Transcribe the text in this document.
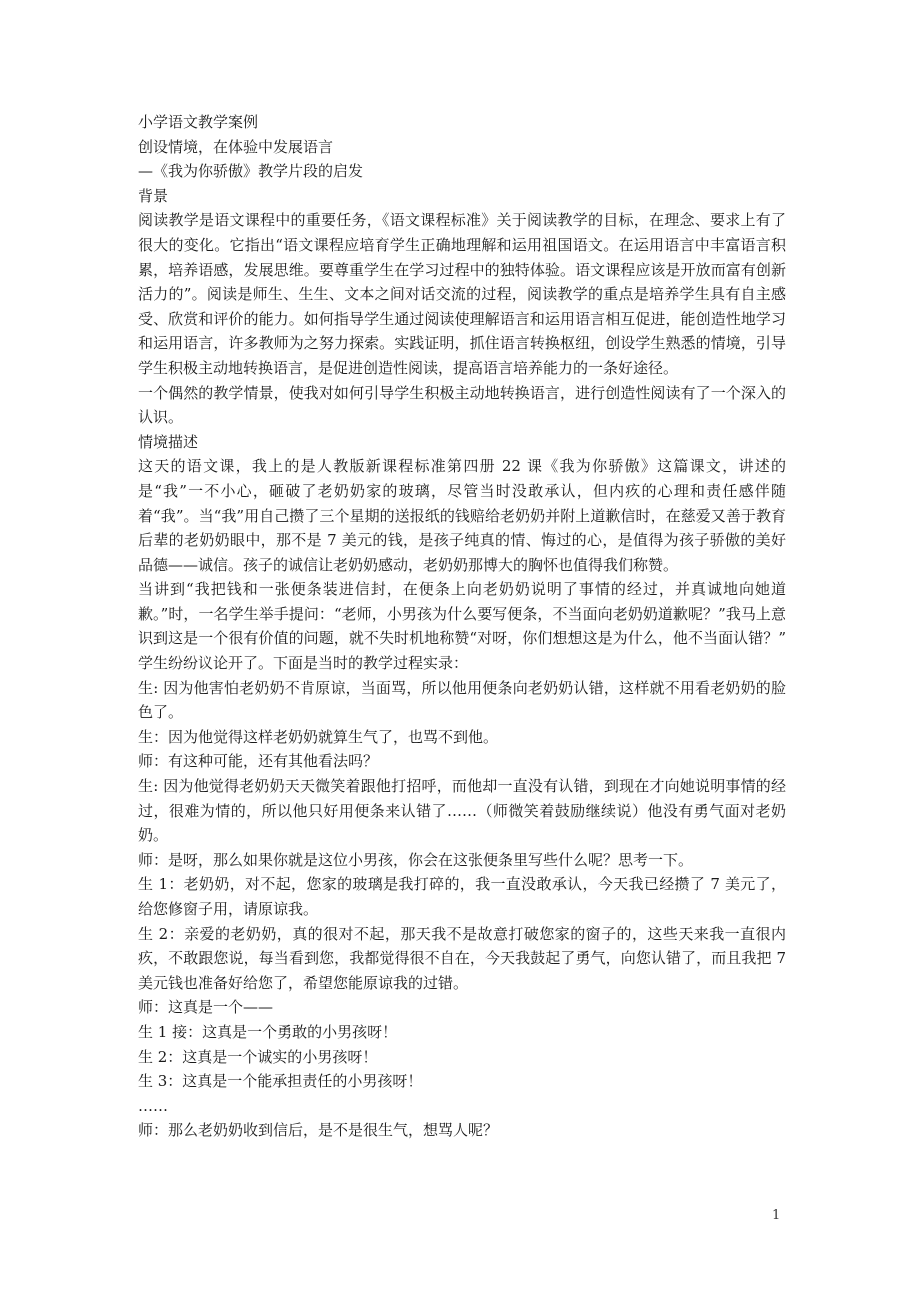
小学语文教学案例

创设情境，在体验中发展语言

—《我为你骄傲》教学片段的启发

背景

阅读教学是语文课程中的重要任务，《语文课程标准》关于阅读教学的目标，在理念、要求上有了很大的变化。它指出“语文课程应培育学生正确地理解和运用祖国语文。在运用语言中丰富语言积累，培养语感，发展思维。要尊重学生在学习过程中的独特体验。语文课程应该是开放而富有创新活力的”。阅读是师生、生生、文本之间对话交流的过程，阅读教学的重点是培养学生具有自主感受、欣赏和评价的能力。如何指导学生通过阅读使理解语言和运用语言相互促进，能创造性地学习和运用语言，许多教师为之努力探索。实践证明，抓住语言转换枢纽，创设学生熟悉的情境，引导学生积极主动地转换语言，是促进创造性阅读，提高语言培养能力的一条好途径。

一个偶然的教学情景，使我对如何引导学生积极主动地转换语言，进行创造性阅读有了一个深入的认识。

情境描述

这天的语文课，我上的是人教版新课程标准第四册 22 课《我为你骄傲》这篇课文，讲述的是“我”一不小心，砸破了老奶奶家的玻璃，尽管当时没敢承认，但内疚的心理和责任感伴随着“我”。当“我”用自己攒了三个星期的送报纸的钱赔给老奶奶并附上道歉信时，在慈爱又善于教育后辈的老奶奶眼中，那不是 7 美元的钱，是孩子纯真的情、悔过的心，是值得为孩子骄傲的美好品德——诚信。孩子的诚信让老奶奶感动，老奶奶那博大的胸怀也值得我们称赞。

当讲到“我把钱和一张便条装进信封，在便条上向老奶奶说明了事情的经过，并真诚地向她道歉。”时，一名学生举手提问：“老师，小男孩为什么要写便条，不当面向老奶奶道歉呢？”我马上意识到这是一个很有价值的问题，就不失时机地称赞“对呀，你们想想这是为什么，他不当面认错？” 学生纷纷议论开了。下面是当时的教学过程实录：

生: 因为他害怕老奶奶不肯原谅，当面骂，所以他用便条向老奶奶认错，这样就不用看老奶奶的脸色了。

生：因为他觉得这样老奶奶就算生气了，也骂不到他。

师：有这种可能，还有其他看法吗？

生: 因为他觉得老奶奶天天微笑着跟他打招呼，而他却一直没有认错，到现在才向她说明事情的经过，很难为情的，所以他只好用便条来认错了……（师微笑着鼓励继续说）他没有勇气面对老奶奶。

师：是呀，那么如果你就是这位小男孩，你会在这张便条里写些什么呢？思考一下。

生 1：老奶奶，对不起，您家的玻璃是我打碎的，我一直没敢承认，今天我已经攒了 7 美元了，给您修窗子用，请原谅我。

生 2：亲爱的老奶奶，真的很对不起，那天我不是故意打破您家的窗子的，这些天来我一直很内疚，不敢跟您说，每当看到您，我都觉得很不自在，今天我鼓起了勇气，向您认错了，而且我把 7 美元钱也准备好给您了，希望您能原谅我的过错。

师：这真是一个——

生 1 接：这真是一个勇敢的小男孩呀！

生 2：这真是一个诚实的小男孩呀！

生 3：这真是一个能承担责任的小男孩呀！

……

师：那么老奶奶收到信后，是不是很生气，想骂人呢？

1
